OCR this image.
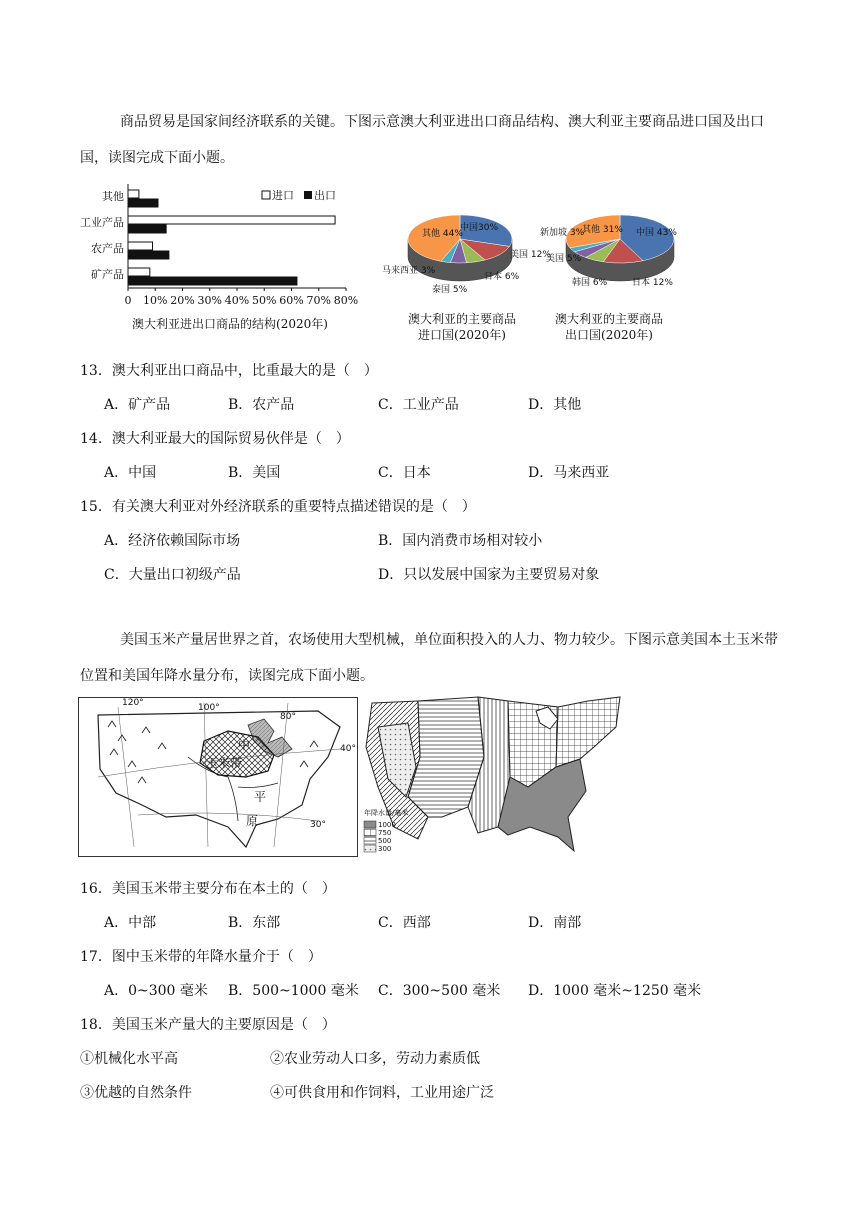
商品贸易是国家间经济联系的关键。下图示意澳大利亚进出口商品结构、澳大利亚主要商品进口国及出口国，读图完成下面小题。
进口 出口
其他
工业产品
农产品
矿产品
0 10% 20% 30% 40% 50% 60% 70% 80%
澳大利亚进出口商品的结构(2020年)
其他 44%
中国30%
美国 12%
日本 6%
泰国 5%
马来西亚 3%
澳大利亚的主要商品
进口国(2020年)
其他 31% 中国 43%
日本 12%
韩国 6%
美国 5%
新加坡 3%
澳大利亚的主要商品
出口国(2020年)
13．澳大利亚出口商品中，比重最大的是（　）
A．矿产品	B．农产品	C．工业产品	D．其他
14．澳大利亚最大的国际贸易伙伴是（　）
A．中国	B．美国	C．日本	D．马来西亚
15．有关澳大利亚对外经济联系的重要特点描述错误的是（　）
A．经济依赖国际市场	B．国内消费市场相对较小
C．大量出口初级产品	D．只以发展中国家为主要贸易对象
美国玉米产量居世界之首，农场使用大型机械，单位面积投入的人力、物力较少。下图示意美国本土玉米带位置和美国年降水量分布，读图完成下面小题。
120°	100°
80°
40°
30°
玉米带
中
平
原
年降水量/毫米
1000
750
500
300
16．美国玉米带主要分布在本土的（　）
A．中部	B．东部	C．西部	D．南部
17．图中玉米带的年降水量介于（　）
A．0~300 毫米 B．500~1000 毫米 C．300~500 毫米 D．1000 毫米~1250 毫米
18．美国玉米产量大的主要原因是（　）
①机械化水平高	②农业劳动人口多，劳动力素质低
③优越的自然条件	④可供食用和作饲料，工业用途广泛
